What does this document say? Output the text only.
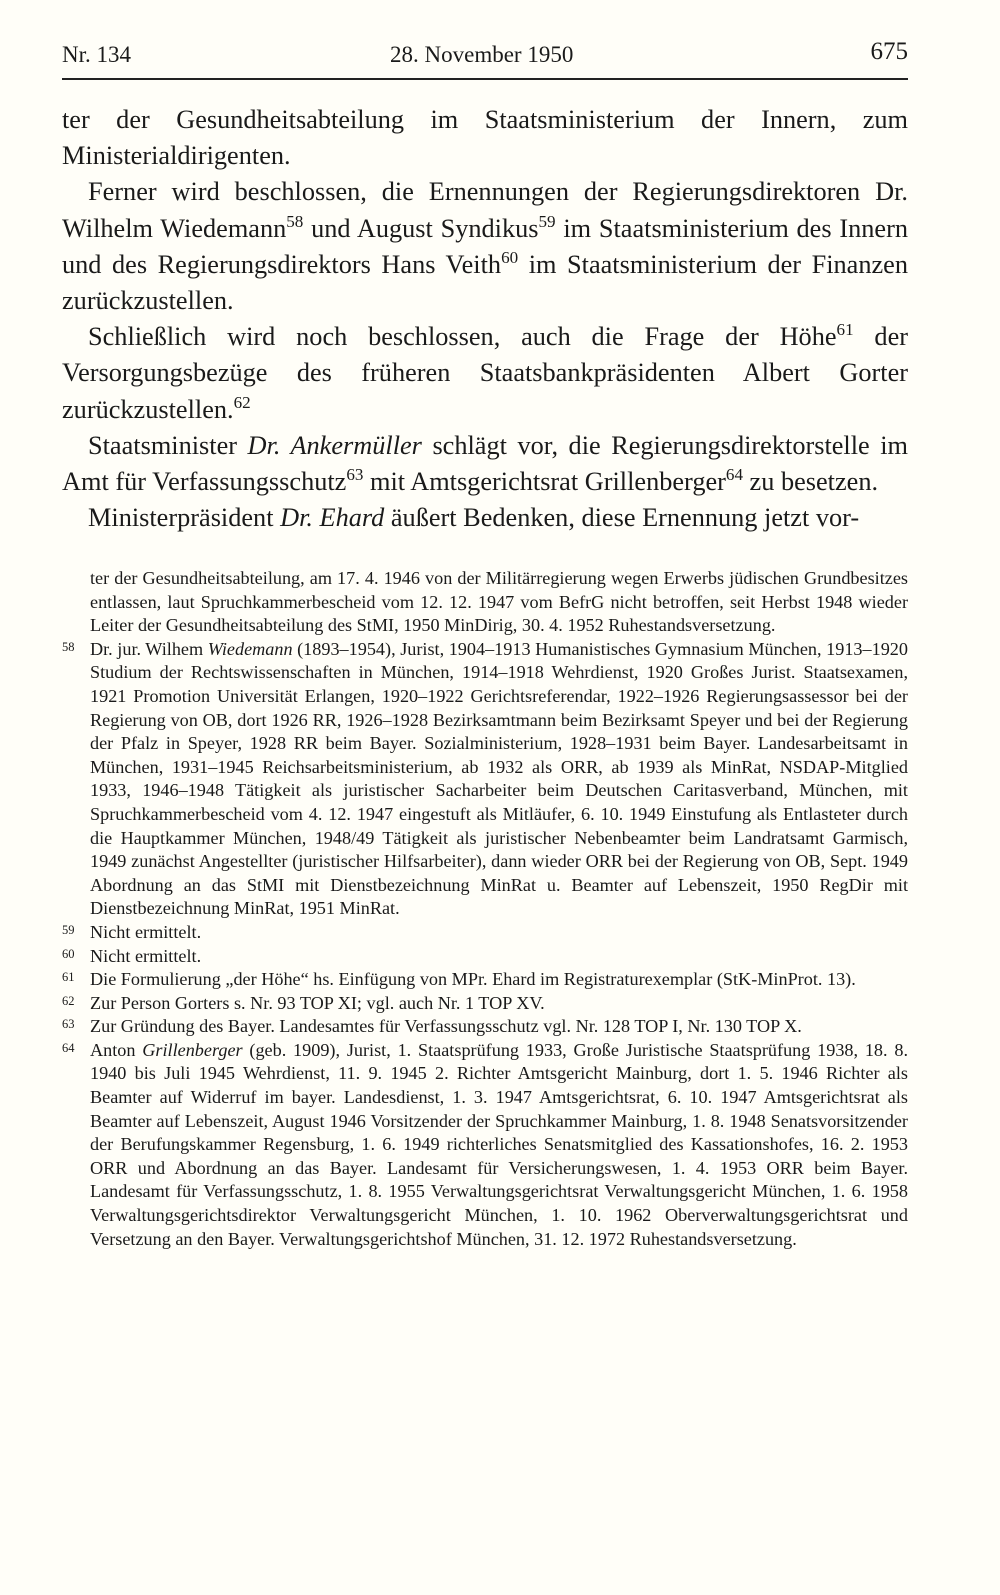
Nr. 134	28. November 1950	675

ter der Gesundheitsabteilung im Staatsministerium der Innern, zum Ministerialdirigenten.

Ferner wird beschlossen, die Ernennungen der Regierungsdirektoren Dr. Wilhelm Wiedemann$^{58}$ und August Syndikus$^{59}$ im Staatsministerium des Innern und des Regierungsdirektors Hans Veith$^{60}$ im Staatsministerium der Finanzen zurückzustellen.

Schließlich wird noch beschlossen, auch die Frage der Höhe$^{61}$ der Versorgungsbezüge des früheren Staatsbankpräsidenten Albert Gorter zurückzustellen.$^{62}$

Staatsminister Dr. Ankermüller schlägt vor, die Regierungsdirektorstelle im Amt für Verfassungsschutz$^{63}$ mit Amtsgerichtsrat Grillenberger$^{64}$ zu besetzen.

Ministerpräsident Dr. Ehard äußert Bedenken, diese Ernennung jetzt vor-

ter der Gesundheitsabteilung, am 17. 4. 1946 von der Militärregierung wegen Erwerbs jüdischen Grundbesitzes entlassen, laut Spruchkammerbescheid vom 12. 12. 1947 vom BefrG nicht betroffen, seit Herbst 1948 wieder Leiter der Gesundheitsabteilung des StMI, 1950 MinDirig, 30. 4. 1952 Ruhestandsversetzung.
58 Dr. jur. Wilhem Wiedemann (1893–1954), Jurist, 1904–1913 Humanistisches Gymnasium München, 1913–1920 Studium der Rechtswissenschaften in München, 1914–1918 Wehrdienst, 1920 Großes Jurist. Staatsexamen, 1921 Promotion Universität Erlangen, 1920–1922 Gerichtsreferendar, 1922–1926 Regierungsassessor bei der Regierung von OB, dort 1926 RR, 1926–1928 Bezirksamtmann beim Bezirksamt Speyer und bei der Regierung der Pfalz in Speyer, 1928 RR beim Bayer. Sozialministerium, 1928–1931 beim Bayer. Landesarbeitsamt in München, 1931–1945 Reichsarbeitsministerium, ab 1932 als ORR, ab 1939 als MinRat, NSDAP-Mitglied 1933, 1946–1948 Tätigkeit als juristischer Sacharbeiter beim Deutschen Caritasverband, München, mit Spruchkammerbescheid vom 4. 12. 1947 eingestuft als Mitläufer, 6. 10. 1949 Einstufung als Entlasteter durch die Hauptkammer München, 1948/49 Tätigkeit als juristischer Nebenbeamter beim Landratsamt Garmisch, 1949 zunächst Angestellter (juristischer Hilfsarbeiter), dann wieder ORR bei der Regierung von OB, Sept. 1949 Abordnung an das StMI mit Dienstbezeichnung MinRat u. Beamter auf Lebenszeit, 1950 RegDir mit Dienstbezeichnung MinRat, 1951 MinRat.
59 Nicht ermittelt.
60 Nicht ermittelt.
61 Die Formulierung „der Höhe“ hs. Einfügung von MPr. Ehard im Registraturexemplar (StK-MinProt. 13).
62 Zur Person Gorters s. Nr. 93 TOP XI; vgl. auch Nr. 1 TOP XV.
63 Zur Gründung des Bayer. Landesamtes für Verfassungsschutz vgl. Nr. 128 TOP I, Nr. 130 TOP X.
64 Anton Grillenberger (geb. 1909), Jurist, 1. Staatsprüfung 1933, Große Juristische Staatsprüfung 1938, 18. 8. 1940 bis Juli 1945 Wehrdienst, 11. 9. 1945 2. Richter Amtsgericht Mainburg, dort 1. 5. 1946 Richter als Beamter auf Widerruf im bayer. Landesdienst, 1. 3. 1947 Amtsgerichtsrat, 6. 10. 1947 Amtsgerichtsrat als Beamter auf Lebenszeit, August 1946 Vorsitzender der Spruchkammer Mainburg, 1. 8. 1948 Senatsvorsitzender der Berufungskammer Regensburg, 1. 6. 1949 richterliches Senatsmitglied des Kassationshofes, 16. 2. 1953 ORR und Abordnung an das Bayer. Landesamt für Versicherungswesen, 1. 4. 1953 ORR beim Bayer. Landesamt für Verfassungsschutz, 1. 8. 1955 Verwaltungsgerichtsrat Verwaltungsgericht München, 1. 6. 1958 Verwaltungsgerichtsdirektor Verwaltungsgericht München, 1. 10. 1962 Oberverwaltungsgerichtsrat und Versetzung an den Bayer. Verwaltungsgerichtshof München, 31. 12. 1972 Ruhestandsversetzung.
